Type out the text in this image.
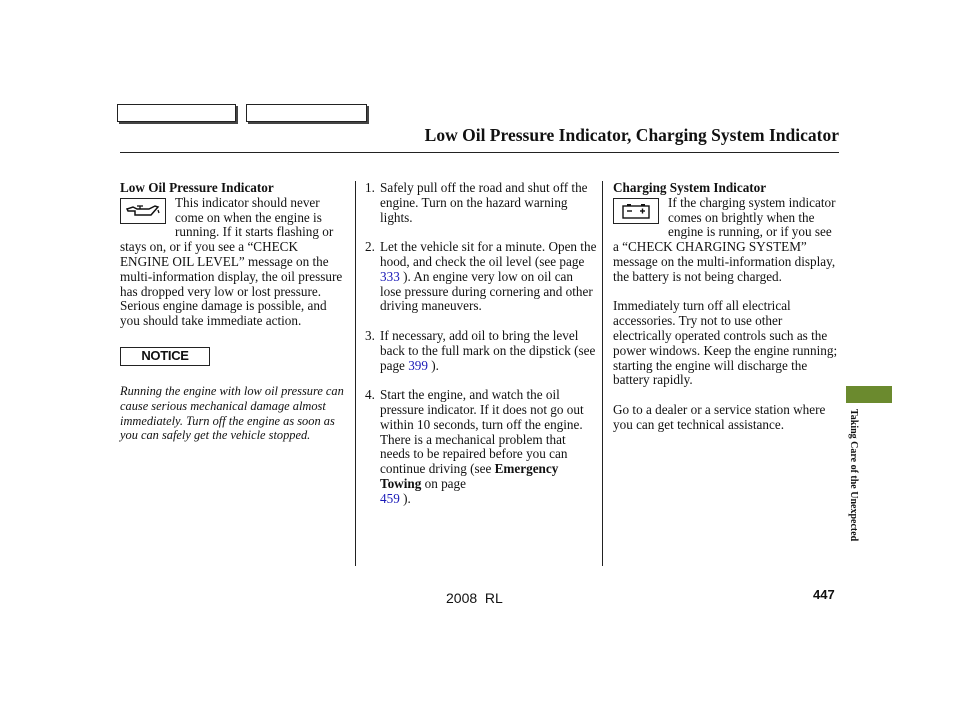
Low Oil Pressure Indicator, Charging System Indicator

Low Oil Pressure Indicator

This indicator should never come on when the engine is running. If it starts flashing or stays on, or if you see a “CHECK ENGINE OIL LEVEL” message on the multi-information display, the oil pressure has dropped very low or lost pressure. Serious engine damage is possible, and you should take immediate action.

NOTICE

Running the engine with low oil pressure can cause serious mechanical damage almost immediately. Turn off the engine as soon as you can safely get the vehicle stopped.

1. Safely pull off the road and shut off the engine. Turn on the hazard warning lights.
2. Let the vehicle sit for a minute. Open the hood, and check the oil level (see page 333 ). An engine very low on oil can lose pressure during cornering and other driving maneuvers.
3. If necessary, add oil to bring the level back to the full mark on the dipstick (see page 399 ).
4. Start the engine, and watch the oil pressure indicator. If it does not go out within 10 seconds, turn off the engine. There is a mechanical problem that needs to be repaired before you can continue driving (see Emergency Towing on page
459 ).

Charging System Indicator

If the charging system indicator comes on brightly when the engine is running, or if you see a “CHECK CHARGING SYSTEM” message on the multi-information display, the battery is not being charged.

Immediately turn off all electrical accessories. Try not to use other electrically operated controls such as the power windows. Keep the engine running; starting the engine will discharge the battery rapidly.

Go to a dealer or a service station where you can get technical assistance.	Taking Care of the Unexpected
2008  RL	447
